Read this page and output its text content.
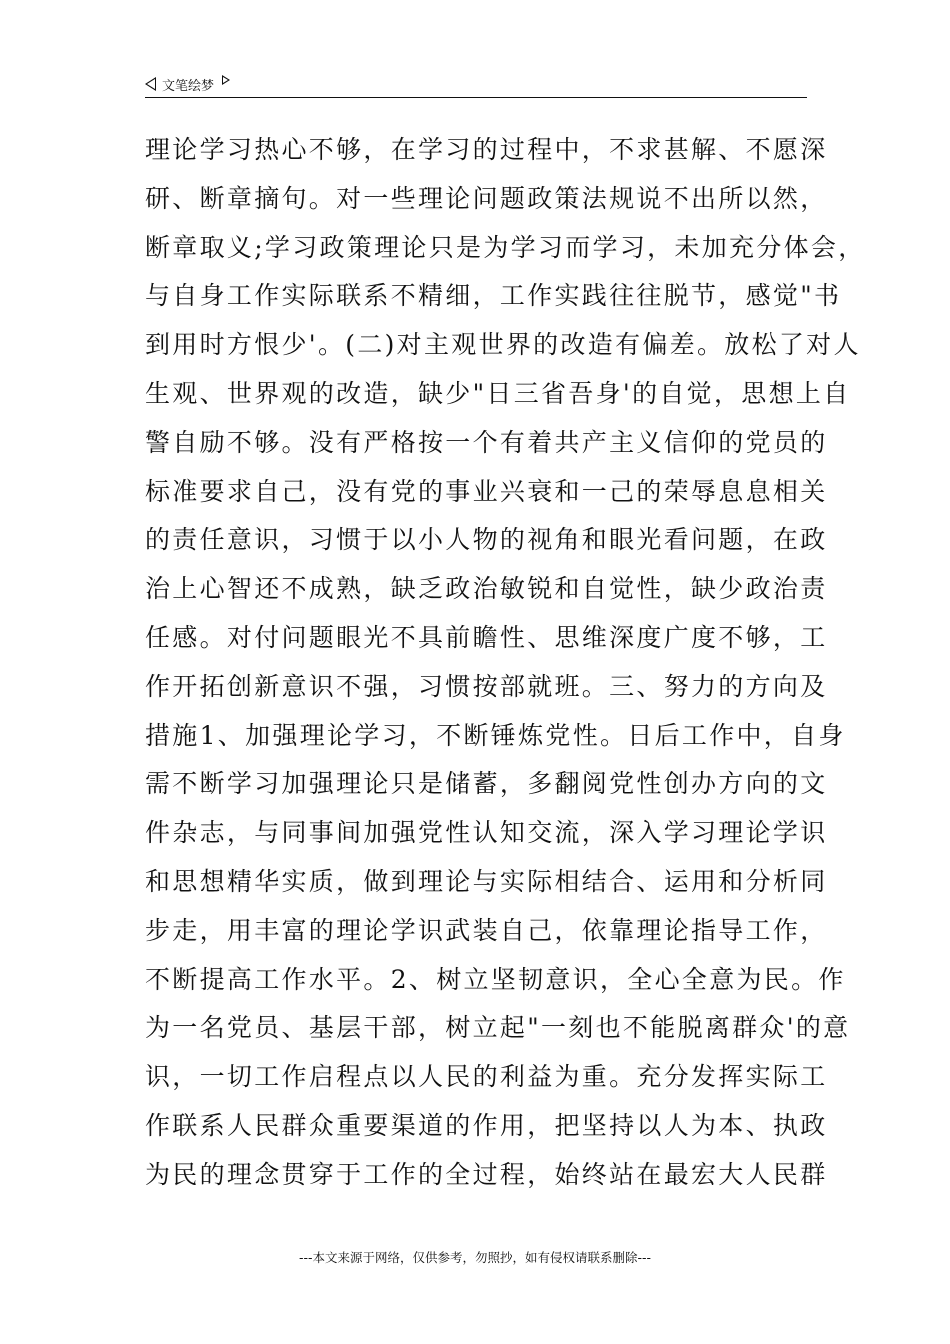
文笔绘梦
理论学习热心不够，在学习的过程中，不求甚解、不愿深
研、断章摘句。对一些理论问题政策法规说不出所以然，
断章取义;学习政策理论只是为学习而学习，未加充分体会，
与自身工作实际联系不精细，工作实践往往脱节，感觉"书
到用时方恨少'。(二)对主观世界的改造有偏差。放松了对人
生观、世界观的改造，缺少"日三省吾身'的自觉，思想上自
警自励不够。没有严格按一个有着共产主义信仰的党员的
标准要求自己，没有党的事业兴衰和一己的荣辱息息相关
的责任意识，习惯于以小人物的视角和眼光看问题，在政
治上心智还不成熟，缺乏政治敏锐和自觉性，缺少政治责
任感。对付问题眼光不具前瞻性、思维深度广度不够，工
作开拓创新意识不强，习惯按部就班。三、努力的方向及
措施1、加强理论学习，不断锤炼党性。日后工作中，自身
需不断学习加强理论只是储蓄，多翻阅党性创办方向的文
件杂志，与同事间加强党性认知交流，深入学习理论学识
和思想精华实质，做到理论与实际相结合、运用和分析同
步走，用丰富的理论学识武装自己，依靠理论指导工作，
不断提高工作水平。2、树立坚韧意识，全心全意为民。作
为一名党员、基层干部，树立起"一刻也不能脱离群众'的意
识，一切工作启程点以人民的利益为重。充分发挥实际工
作联系人民群众重要渠道的作用，把坚持以人为本、执政
为民的理念贯穿于工作的全过程，始终站在最宏大人民群
---本文来源于网络，仅供参考，勿照抄，如有侵权请联系删除---
